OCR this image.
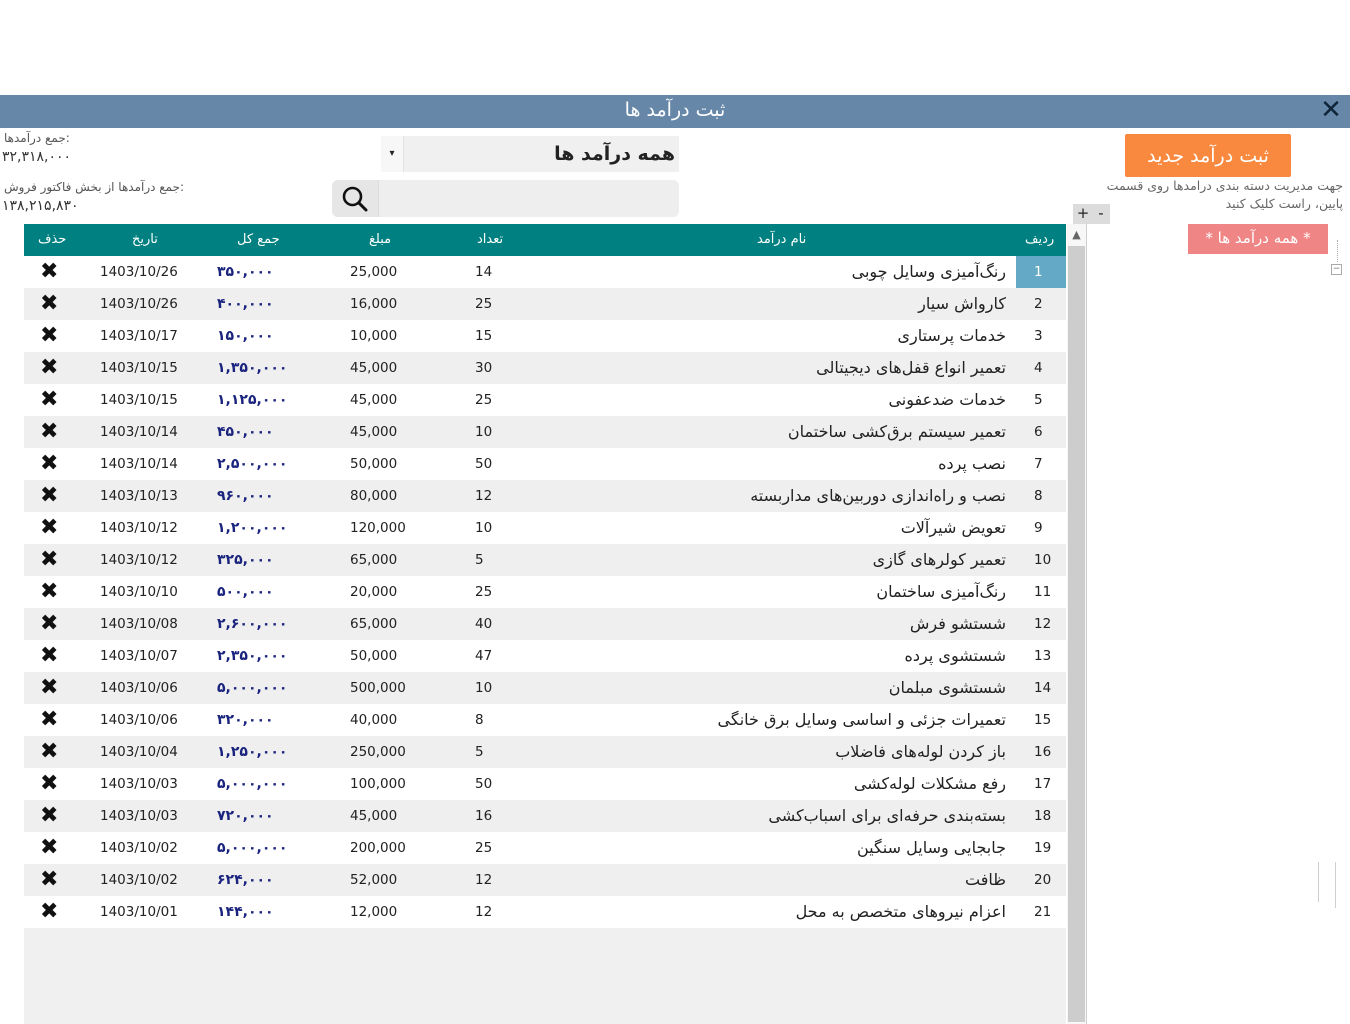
ثبت درآمد ها	✕
جمع درآمدها:
۳۲,۳۱۸,۰۰۰
جمع درآمدها از بخش فاکتور فروش:
۱۳۸,۲۱۵,۸۳۰
▾	همه درآمد ها	ثبت درآمد جدید
جهت مدیریت دسته بندی درامدها روی قسمت پایین، راست کلیک کنید
+ -
* همه درآمد ها *
−
حذف	تاریخ	جمع کل	مبلغ	تعداد	نام درآمد	ردیف
✖	1403/10/26	۳۵۰,۰۰۰	25,000	14	رنگ‌آمیزی وسایل چوبی 1
✖	1403/10/26	۴۰۰,۰۰۰	16,000	25	کارواش سیار 2
✖	1403/10/17	۱۵۰,۰۰۰	10,000	15	خدمات پرستاری 3
✖	1403/10/15	۱,۳۵۰,۰۰۰	45,000	30	تعمیر انواع قفل‌های دیجیتالی 4
✖	1403/10/15	۱,۱۲۵,۰۰۰	45,000	25	خدمات ضدعفونی 5
✖	1403/10/14	۴۵۰,۰۰۰	45,000	10	تعمیر سیستم برق‌کشی ساختمان 6
✖	1403/10/14	۲,۵۰۰,۰۰۰	50,000	50	نصب پرده 7
✖	1403/10/13	۹۶۰,۰۰۰	80,000	12	نصب و راه‌اندازی دوربین‌های مداربسته 8
✖	1403/10/12	۱,۲۰۰,۰۰۰	120,000	10	تعویض شیرآلات 9
✖	1403/10/12	۳۲۵,۰۰۰	65,000	5	تعمیر کولرهای گازی 10
✖	1403/10/10	۵۰۰,۰۰۰	20,000	25	رنگ‌آمیزی ساختمان 11
✖	1403/10/08	۲,۶۰۰,۰۰۰	65,000	40	شستشو فرش 12
✖	1403/10/07	۲,۳۵۰,۰۰۰	50,000	47	شستشوی پرده 13
✖	1403/10/06	۵,۰۰۰,۰۰۰	500,000	10	شستشوی مبلمان 14
✖	1403/10/06	۳۲۰,۰۰۰	40,000	8	تعمیرات جزئی و اساسی وسایل برق خانگی 15
✖	1403/10/04	۱,۲۵۰,۰۰۰	250,000	5	باز کردن لوله‌های فاضلاب 16
✖	1403/10/03	۵,۰۰۰,۰۰۰	100,000	50	رفع مشکلات لوله‌کشی 17
✖	1403/10/03	۷۲۰,۰۰۰	45,000	16	بسته‌بندی حرفه‌ای برای اسباب‌کشی 18
✖	1403/10/02	۵,۰۰۰,۰۰۰	200,000	25	جابجایی وسایل سنگین 19
✖	1403/10/02	۶۲۴,۰۰۰	52,000	12	ظافت 20
✖	1403/10/01	۱۴۴,۰۰۰	12,000	12	اعزام نیروهای متخصص به محل 21
▲
